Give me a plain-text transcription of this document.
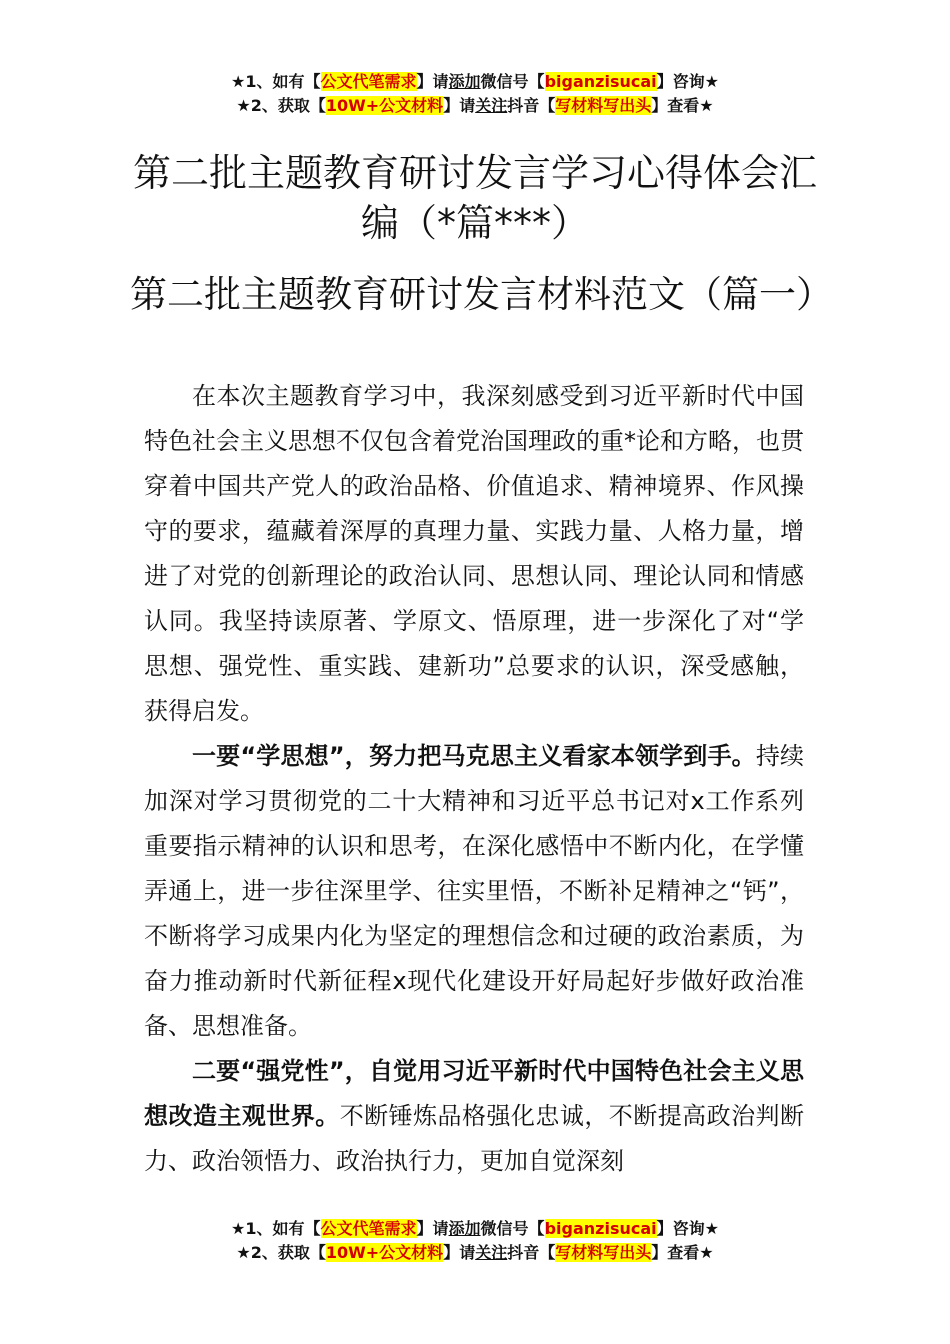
★1、如有【公文代笔需求】请添加微信号【biganzisucai】咨询★
★2、获取【10W+公文材料】请关注抖音【写材料写出头】查看★
第二批主题教育研讨发言学习心得体会汇编（*篇***）
第二批主题教育研讨发言材料范文（篇一）

在本次主题教育学习中，我深刻感受到习近平新时代中国特色社会主义思想不仅包含着党治国理政的重*论和方略，也贯穿着中国共产党人的政治品格、价值追求、精神境界、作风操守的要求，蕴藏着深厚的真理力量、实践力量、人格力量，增进了对党的创新理论的政治认同、思想认同、理论认同和情感认同。我坚持读原著、学原文、悟原理，进一步深化了对“学思想、强党性、重实践、建新功”总要求的认识，深受感触，获得启发。

一要“学思想”，努力把马克思主义看家本领学到手。持续加深对学习贯彻党的二十大精神和习近平总书记对x工作系列重要指示精神的认识和思考，在深化感悟中不断内化，在学懂弄通上，进一步往深里学、往实里悟，不断补足精神之“钙”，不断将学习成果内化为坚定的理想信念和过硬的政治素质，为奋力推动新时代新征程x现代化建设开好局起好步做好政治准备、思想准备。

二要“强党性”，自觉用习近平新时代中国特色社会主义思想改造主观世界。不断锤炼品格强化忠诚，不断提高政治判断力、政治领悟力、政治执行力，更加自觉深刻

★1、如有【公文代笔需求】请添加微信号【biganzisucai】咨询★
★2、获取【10W+公文材料】请关注抖音【写材料写出头】查看★
